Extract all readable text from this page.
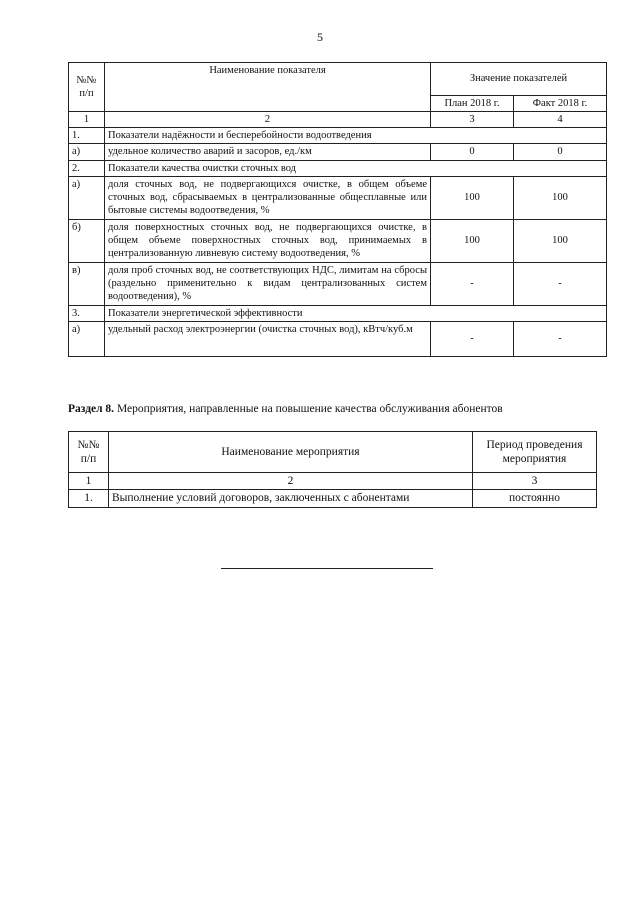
5
№№ п/п	Наименование показателя	Значение показателей	
		План 2018 г.	Факт 2018 г.
1	2	3	4
1.	Показатели надёжности и бесперебойности водоотведения		
а)	удельное количество аварий и засоров, ед./км	0	0
2.	Показатели качества очистки сточных вод		
а)	доля сточных вод, не подвергающихся очистке, в общем объеме сточных вод, сбрасываемых в централизованные общесплавные или бытовые системы водоотведения, %	100	100
б)	доля поверхностных сточных вод, не подвергающихся очистке, в общем объеме поверхностных сточных вод, принимаемых в централизованную ливневую систему водоотведения, %	100	100
в)	доля проб сточных вод, не соответствующих НДС, лимитам на сбросы (раздельно применительно к видам централизованных систем водоотведения), %	-	-
3.	Показатели энергетической эффективности		
а)	удельный расход электроэнергии (очистка сточных вод), кВтч/куб.м	-	-
Раздел 8. Мероприятия, направленные на повышение качества обслуживания абонентов
№№ п/п	Наименование мероприятия	Период проведения мероприятия
1	2	3
1.	Выполнение условий договоров, заключенных с абонентами	постоянно
